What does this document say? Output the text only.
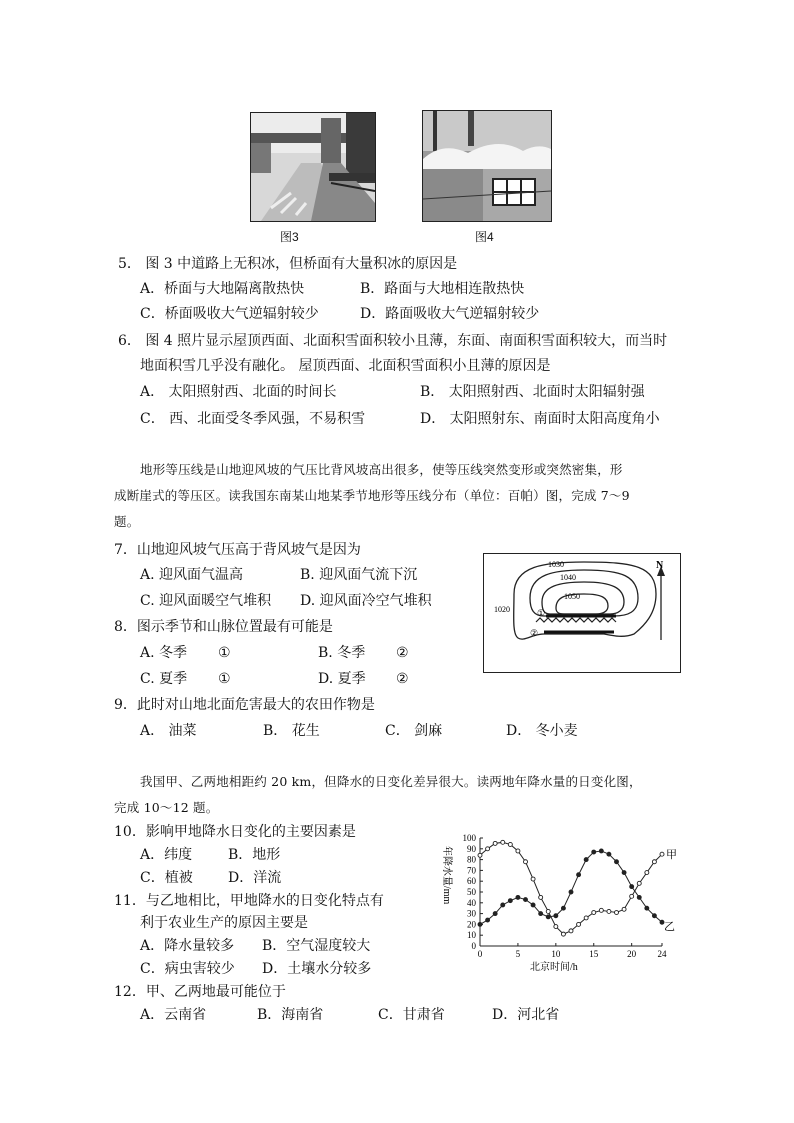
图3	图4
5． 图 3 中道路上无积冰，但桥面有大量积冰的原因是
A．桥面与大地隔离散热快	B．路面与大地相连散热快
C．桥面吸收大气逆辐射较少	D．路面吸收大气逆辐射较少
6． 图 4 照片显示屋顶西面、北面积雪面积较小且薄，东面、南面积雪面积较大，而当时
地面积雪几乎没有融化。 屋顶西面、北面积雪面积小且薄的原因是
A． 太阳照射西、北面的时间长	B． 太阳照射西、北面时太阳辐射强
C． 西、北面受冬季风强，不易积雪	D． 太阳照射东、南面时太阳高度角小
地形等压线是山地迎风坡的气压比背风坡高出很多，使等压线突然变形或突然密集，形
成断崖式的等压区。读我国东南某山地某季节地形等压线分布（单位：百帕）图，完成 7～9
题。
7．山地迎风坡气压高于背风坡气是因为
A. 迎风面气温高	B. 迎风面气流下沉
C. 迎风面暖空气堆积 D. 迎风面冷空气堆积
8．图示季节和山脉位置最有可能是
A. 冬季 ①	B. 冬季 ②
C. 夏季 ①	D. 夏季 ②
9．此时对山地北面危害最大的农田作物是
A． 油菜	B． 花生	C． 剑麻	D． 冬小麦
N
1030
1040
1050
1020	①
②
我国甲、乙两地相距约 20 km，但降水的日变化差异很大。读两地年降水量的日变化图，
完成 10～12 题。
10．影响甲地降水日变化的主要因素是
A．纬度	B．地形
C．植被	D．洋流
11．与乙地相比，甲地降水的日变化特点有
利于农业生产的原因主要是
A．降水量较多 B．空气湿度较大
C．病虫害较少 D．土壤水分较多
12．甲、乙两地最可能位于
A．云南省	B．海南省	C．甘肃省	D．河北省
0
10
20
30
40
50
60
70
80
90
100
0	5	10	15	20 24
年降水量/mm
北京时间/h
甲
乙
